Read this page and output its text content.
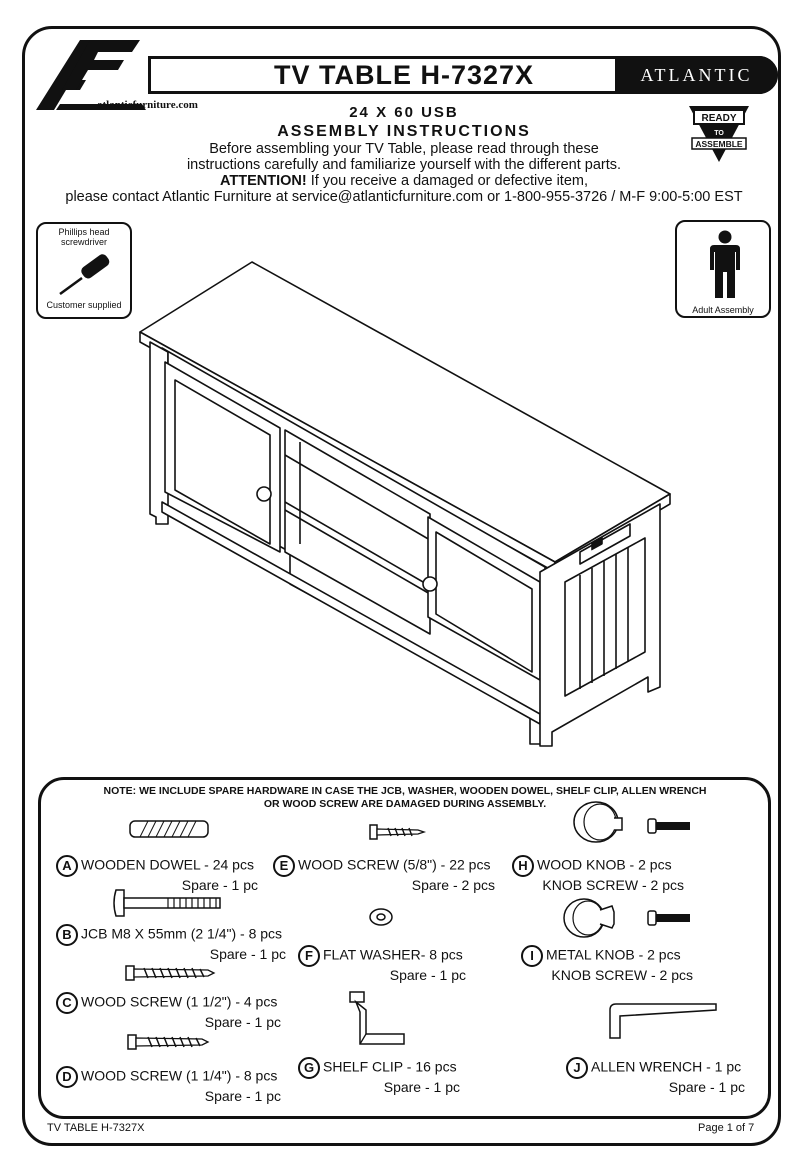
atlanticfurniture.com
TV TABLE H-7327X	ATLANTIC
READY
TO
ASSEMBLE
24 X 60 USB
ASSEMBLY INSTRUCTIONS
Before assembling your TV Table, please read through these
instructions carefully and familiarize yourself with the different parts.
ATTENTION! If you receive a damaged or defective item,
please contact Atlantic Furniture at service@atlanticfurniture.com or 1-800-955-3726 / M-F 9:00-5:00 EST
Phillips head screwdriver
Customer supplied	Adult Assembly
NOTE: WE INCLUDE SPARE HARDWARE IN CASE THE JCB, WASHER, WOODEN DOWEL, SHELF CLIP, ALLEN WRENCH
OR WOOD SCREW ARE DAMAGED DURING ASSEMBLY.
A WOODEN DOWEL - 24 pcs
Spare - 1 pc
B JCB M8 X 55mm (2 1/4") - 8 pcs
Spare - 1 pc
C WOOD SCREW (1 1/2") - 4 pcs
Spare - 1 pc
D WOOD SCREW (1 1/4") - 8 pcs
Spare - 1 pc
E WOOD SCREW (5/8") - 22 pcs
Spare - 2 pcs
F FLAT WASHER- 8 pcs
Spare - 1 pc
G SHELF CLIP - 16 pcs
Spare - 1 pc
H WOOD KNOB - 2 pcs
KNOB SCREW - 2 pcs
I METAL KNOB - 2 pcs
KNOB SCREW - 2 pcs
J ALLEN WRENCH - 1 pc
Spare - 1 pc
TV TABLE H-7327X	Page 1 of 7
